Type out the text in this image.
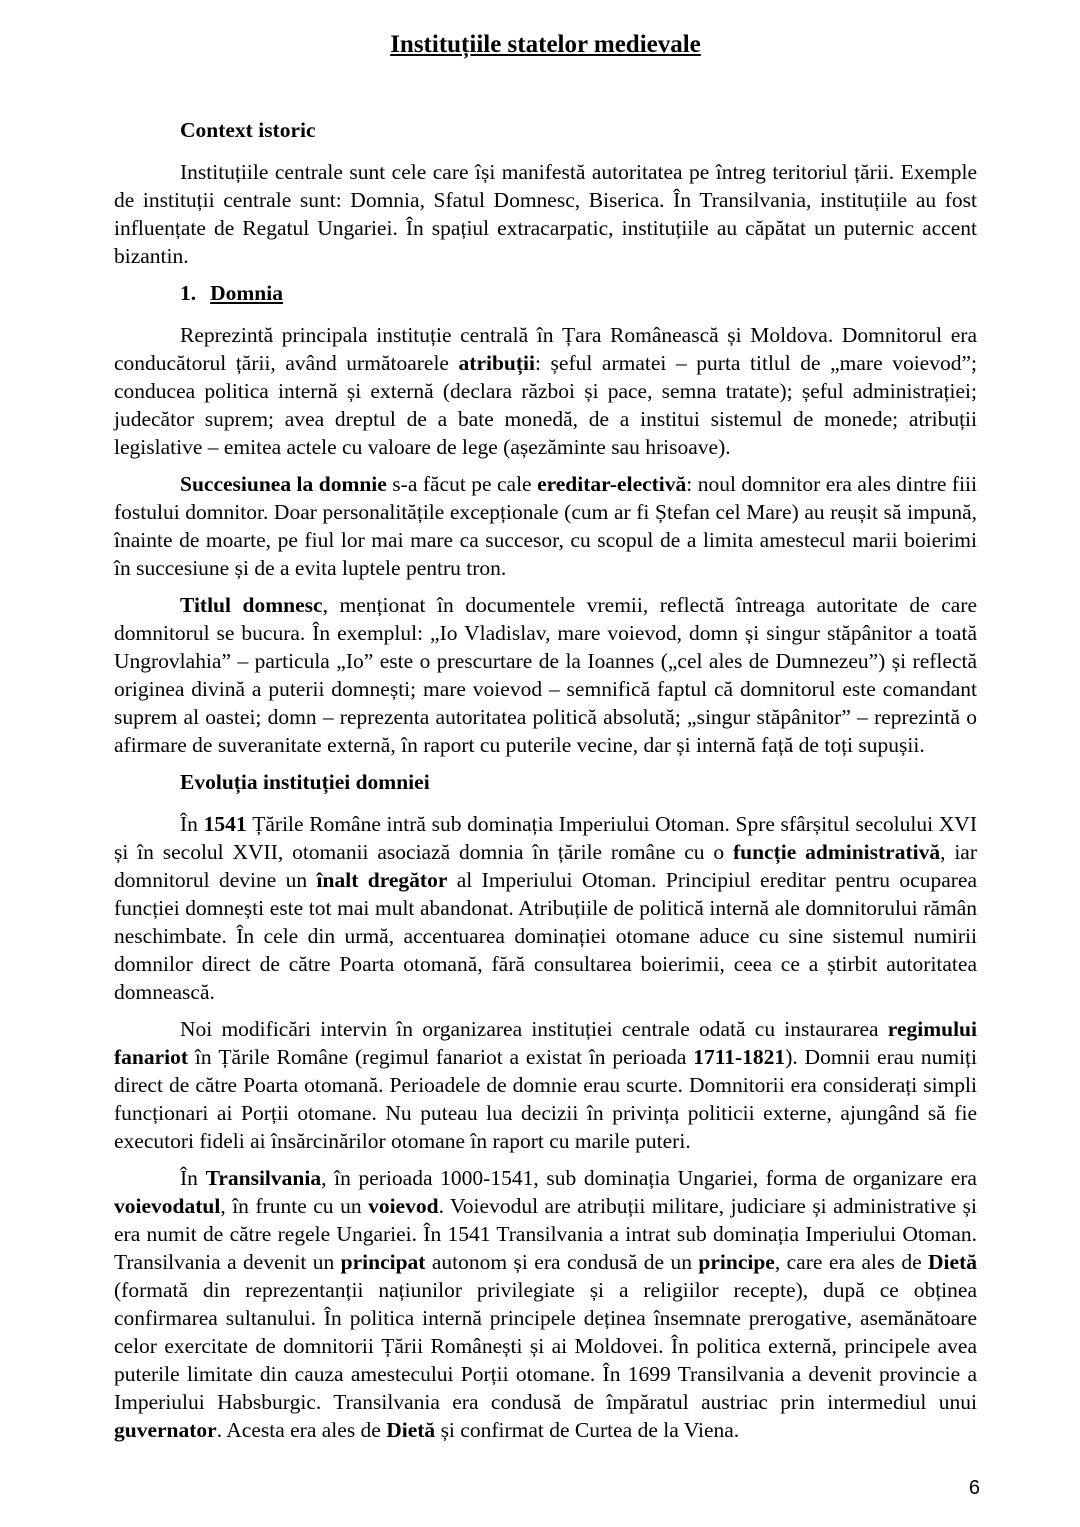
Instituțiile statelor medievale
Context istoric

Instituțiile centrale sunt cele care își manifestă autoritatea pe întreg teritoriul țării. Exemple de instituții centrale sunt: Domnia, Sfatul Domnesc, Biserica. În Transilvania, instituțiile au fost influențate de Regatul Ungariei. În spațiul extracarpatic, instituțiile au căpătat un puternic accent bizantin.

1. Domnia

Reprezintă principala instituție centrală în Țara Românească și Moldova. Domnitorul era conducătorul țării, având următoarele atribuții: șeful armatei – purta titlul de „mare voievod”; conducea politica internă și externă (declara război și pace, semna tratate); șeful administrației; judecător suprem; avea dreptul de a bate monedă, de a institui sistemul de monede; atribuții legislative – emitea actele cu valoare de lege (așezăminte sau hrisoave).

Succesiunea la domnie s-a făcut pe cale ereditar-electivă: noul domnitor era ales dintre fiii fostului domnitor. Doar personalitățile excepționale (cum ar fi Ștefan cel Mare) au reușit să impună, înainte de moarte, pe fiul lor mai mare ca succesor, cu scopul de a limita amestecul marii boierimi în succesiune și de a evita luptele pentru tron.

Titlul domnesc, menționat în documentele vremii, reflectă întreaga autoritate de care domnitorul se bucura. În exemplul: „Io Vladislav, mare voievod, domn și singur stăpânitor a toată Ungrovlahia” – particula „Io” este o prescurtare de la Ioannes („cel ales de Dumnezeu”) și reflectă originea divină a puterii domnești; mare voievod – semnifică faptul că domnitorul este comandant suprem al oastei; domn – reprezenta autoritatea politică absolută; „singur stăpânitor” – reprezintă o afirmare de suveranitate externă, în raport cu puterile vecine, dar și internă față de toți supușii.

Evoluția instituției domniei

În 1541 Țările Române intră sub dominația Imperiului Otoman. Spre sfârșitul secolului XVI și în secolul XVII, otomanii asociază domnia în țările române cu o funcție administrativă, iar domnitorul devine un înalt dregător al Imperiului Otoman. Principiul ereditar pentru ocuparea funcției domnești este tot mai mult abandonat. Atribuțiile de politică internă ale domnitorului rămân neschimbate. În cele din urmă, accentuarea dominației otomane aduce cu sine sistemul numirii domnilor direct de către Poarta otomană, fără consultarea boierimii, ceea ce a știrbit autoritatea domnească.

Noi modificări intervin în organizarea instituției centrale odată cu instaurarea regimului fanariot în Țările Române (regimul fanariot a existat în perioada 1711-1821). Domnii erau numiți direct de către Poarta otomană. Perioadele de domnie erau scurte. Domnitorii era considerați simpli funcționari ai Porții otomane. Nu puteau lua decizii în privința politicii externe, ajungând să fie executori fideli ai însărcinărilor otomane în raport cu marile puteri.

În Transilvania, în perioada 1000-1541, sub dominația Ungariei, forma de organizare era voievodatul, în frunte cu un voievod. Voievodul are atribuții militare, judiciare și administrative și era numit de către regele Ungariei. În 1541 Transilvania a intrat sub dominația Imperiului Otoman. Transilvania a devenit un principat autonom și era condusă de un principe, care era ales de Dietă (formată din reprezentanții națiunilor privilegiate și a religiilor recepte), după ce obținea confirmarea sultanului. În politica internă principele deținea însemnate prerogative, asemănătoare celor exercitate de domnitorii Țării Românești și ai Moldovei. În politica externă, principele avea puterile limitate din cauza amestecului Porții otomane. În 1699 Transilvania a devenit provincie a Imperiului Habsburgic. Transilvania era condusă de împăratul austriac prin intermediul unui guvernator. Acesta era ales de Dietă și confirmat de Curtea de la Viena.

6
